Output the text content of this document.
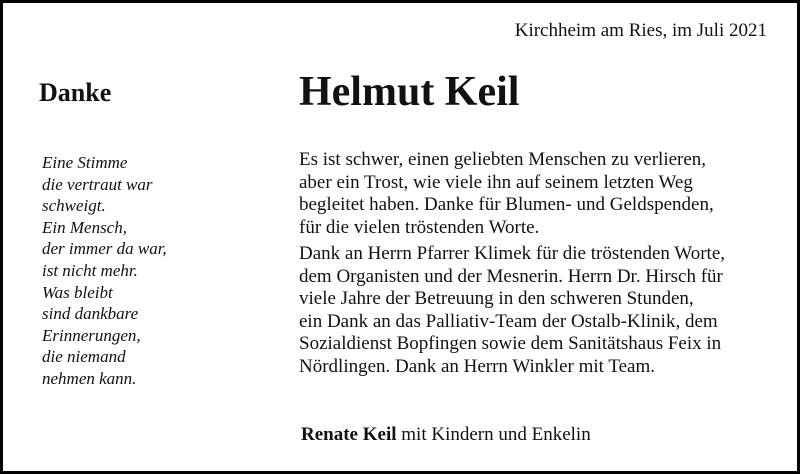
Kirchheim am Ries, im Juli 2021
Danke	Helmut Keil
Eine Stimme
die vertraut war
schweigt.
Ein Mensch,
der immer da war,
ist nicht mehr.
Was bleibt
sind dankbare
Erinnerungen,
die niemand
nehmen kann.
Es ist schwer, einen geliebten Menschen zu verlieren,
aber ein Trost, wie viele ihn auf seinem letzten Weg
begleitet haben. Danke für Blumen- und Geldspenden,
für die vielen tröstenden Worte.
Dank an Herrn Pfarrer Klimek für die tröstenden Worte,
dem Organisten und der Mesnerin. Herrn Dr. Hirsch für
viele Jahre der Betreuung in den schweren Stunden,
ein Dank an das Palliativ-Team der Ostalb-Klinik, dem
Sozialdienst Bopfingen sowie dem Sanitätshaus Feix in
Nördlingen. Dank an Herrn Winkler mit Team.
Renate Keil mit Kindern und Enkelin
